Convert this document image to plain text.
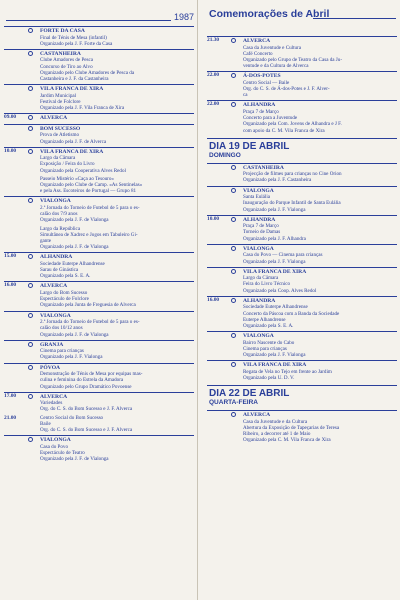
1987
FORTE DA CASA
Final de Ténis de Mesa (infantil)
Organizado pela J. F. Forte da Casa
CASTANHEIRA
Clube Amadores de Pesca
Concurso de Tiro ao Alvo
Organizado pelo Clube Amadores de Pesca da
Castanheira e J. F. da Castanheira
VILA FRANCA DE XIRA
Jardim Municipal
Festival de Folclore
Organizado pela J. F. Vila Franca de Xira
09.00	ALVERCA
BOM SUCESSO
Prova de Atletismo
Organizado pela J. F. de Alverca
10.00	VILA FRANCA DE XIRA
Largo da Câmara
Exposição / Feira do Livro
Organizado pela Cooperativa Alves Redol
Passeio Mistério «Caça ao Tesouro»
Organizado pelo Clube de Camp. «As Sentinelas»
e pela Ass. Escoteiros de Portugal — Grupo 81
VIALONGA
2.ª Jornada do Torneio de Futebol de 5 para o es-
calão dos 7/9 anos
Organizado pela J. F. de Vialonga
Largo da República
Simultânea de Xadrez e Jogos em Tabuleiro Gi-
gante
Organizado pela J. F. de Vialonga
15.00	ALHANDRA
Sociedade Euterpe Alhandrense
Sarau de Ginástica
Organizado pela S. E. A.
16.00	ALVERCA
Largo do Bom Sucesso
Espectáculo de Folclore
Organizado pela Junta de Freguesia de Alverca
VIALONGA
2.ª Jornada do Torneio de Futebol de 5 para o es-
calão dos 10/12 anos
Organizado pela J. F. de Vialonga
GRANJA
Cinema para crianças
Organizado pela J. F. Vialonga
PÓVOA
Demonstração de Ténis de Mesa por equipas mas-
culina e feminina do Estrela da Amadora
Organizado pelo Grupo Dramático Povoense
17.00	ALVERCA
Variedades
Org. do C. S. do Bom Sucesso e J. F. Alverca
21.00	Centro Social do Bom Sucesso
Baile
Org. do C. S. do Bom Sucesso e J. F. Alverca
VIALONGA
Casa do Povo
Espectáculo de Teatro
Organizado pela J. F. de Vialonga
Comemorações de Abril
21.30	ALVERCA
Casa da Juventude e Cultura
Café Concerto
Organizado pelo Grupo de Teatro da Casa da Ju-
ventude e da Cultura de Alverca
22.00	Á-DOS-POTES
Centro Social — Baile
Org. do C. S. de Á-dos-Potes e J. F. Alver-
ca
22.00	ALHANDRA
Praça 7 de Março
Concerto para a Juventude
Organizado pela Com. Jovens de Alhandra e J F.
com apoio da C. M. Vila Franca de Xira
DIA 19 DE ABRIL
DOMINGO
CASTANHEIRA
Projecção de filmes para crianças no Cine Orion
Organizado pela J. F. Castanheira
VIALONGA
Santa Eulália
Inauguração do Parque Infantil de Santa Eulália
Organizado pela J. F. Vialonga
10.00	ALHANDRA
Praça 7 de Março
Torneio de Damas
Organizado pela J. F. Alhandra
VIALONGA
Casa do Povo — Cinema para crianças
Organizado pela J. F. Vialonga
VILA FRANCA DE XIRA
Largo da Câmara
Feira do Livro Técnico
Organizado pela Coop. Alves Redol
16.00	ALHANDRA
Sociedade Euterpe Alhandrense
Concerto da Páscoa com a Banda da Sociedade
Euterpe Alhandrense
Organizado pela S. E. A.
VIALONGA
Bairro Nascente do Cabo
Cinema para crianças
Organizado pela J. F. Vialonga
VILA FRANCA DE XIRA
Regata de Vela no Tejo em frente ao Jardim
Organizado pela U. D. V.
DIA 22 DE ABRIL
QUARTA-FEIRA
ALVERCA
Casa da Juventude e da Cultura
Abertura da Exposição de Tapeçarias de Teresa
Ribeiro, a decorrer até 1 de Maio
Organizado pela C. M. Vila Franca de Xira
